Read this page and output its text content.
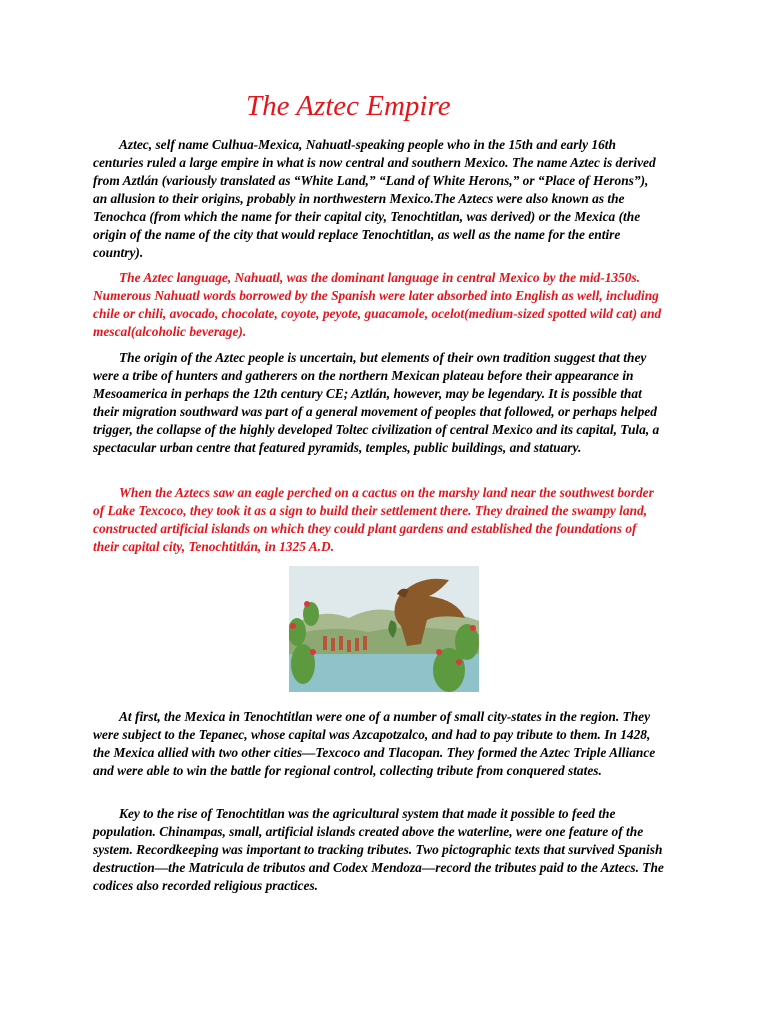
The Aztec Empire

Aztec, self name Culhua-Mexica, Nahuatl-speaking people who in the 15th and early 16th centuries ruled a large empire in what is now central and southern Mexico. The name Aztec is derived from Aztlán (variously translated as “White Land,” “Land of White Herons,” or “Place of Herons”), an allusion to their origins, probably in northwestern Mexico.The Aztecs were also known as the Tenochca (from which the name for their capital city, Tenochtitlan, was derived) or the Mexica (the origin of the name of the city that would replace Tenochtitlan, as well as the name for the entire country).

The Aztec language, Nahuatl, was the dominant language in central Mexico by the mid-1350s. Numerous Nahuatl words borrowed by the Spanish were later absorbed into English as well, including chile or chili, avocado, chocolate, coyote, peyote, guacamole, ocelot(medium-sized spotted wild cat) and mescal(alcoholic beverage).

The origin of the Aztec people is uncertain, but elements of their own tradition suggest that they were a tribe of hunters and gatherers on the northern Mexican plateau before their appearance in Mesoamerica in perhaps the 12th century CE; Aztlán, however, may be legendary. It is possible that their migration southward was part of a general movement of peoples that followed, or perhaps helped trigger, the collapse of the highly developed Toltec civilization of central Mexico and its capital, Tula, a spectacular urban centre that featured pyramids, temples, public buildings, and statuary.

When the Aztecs saw an eagle perched on a cactus on the marshy land near the southwest border of Lake Texcoco, they took it as a sign to build their settlement there. They drained the swampy land, constructed artificial islands on which they could plant gardens and established the foundations of their capital city, Tenochtitlán, in 1325 A.D.

At first, the Mexica in Tenochtitlan were one of a number of small city-states in the region. They were subject to the Tepanec, whose capital was Azcapotzalco, and had to pay tribute to them. In 1428, the Mexica allied with two other cities—Texcoco and Tlacopan. They formed the Aztec Triple Alliance and were able to win the battle for regional control, collecting tribute from conquered states.

Key to the rise of Tenochtitlan was the agricultural system that made it possible to feed the population. Chinampas, small, artificial islands created above the waterline, were one feature of the system. Recordkeeping was important to tracking tributes. Two pictographic texts that survived Spanish destruction—the Matricula de tributos and Codex Mendoza—record the tributes paid to the Aztecs. The codices also recorded religious practices.
